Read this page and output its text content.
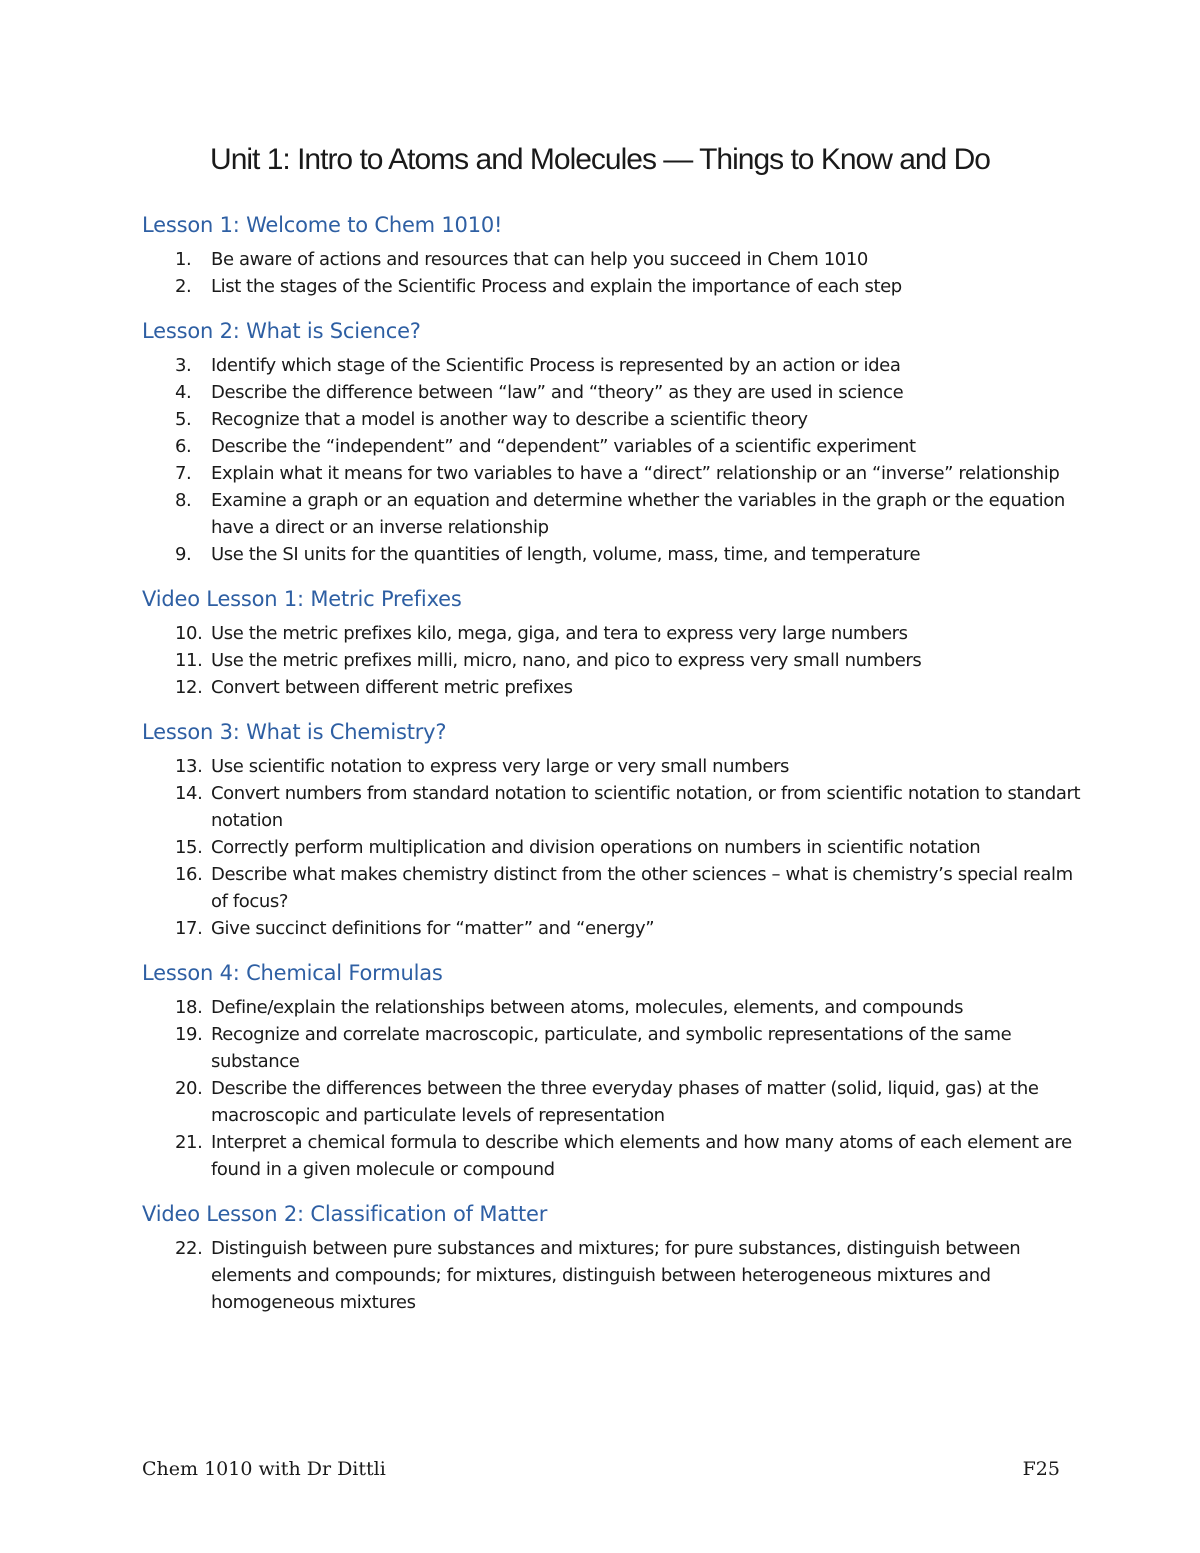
Unit 1: Intro to Atoms and Molecules — Things to Know and Do
Lesson 1: Welcome to Chem 1010!
1. Be aware of actions and resources that can help you succeed in Chem 1010
2. List the stages of the Scientific Process and explain the importance of each step
Lesson 2: What is Science?
3. Identify which stage of the Scientific Process is represented by an action or idea
4. Describe the difference between “law” and “theory” as they are used in science
5. Recognize that a model is another way to describe a scientific theory
6. Describe the “independent” and “dependent” variables of a scientific experiment
7. Explain what it means for two variables to have a “direct” relationship or an “inverse” relationship
8. Examine a graph or an equation and determine whether the variables in the graph or the equation have a direct or an inverse relationship
9. Use the SI units for the quantities of length, volume, mass, time, and temperature
Video Lesson 1: Metric Prefixes
10. Use the metric prefixes kilo, mega, giga, and tera to express very large numbers
11. Use the metric prefixes milli, micro, nano, and pico to express very small numbers
12. Convert between different metric prefixes
Lesson 3: What is Chemistry?
13. Use scientific notation to express very large or very small numbers
14. Convert numbers from standard notation to scientific notation, or from scientific notation to standart notation
15. Correctly perform multiplication and division operations on numbers in scientific notation
16. Describe what makes chemistry distinct from the other sciences – what is chemistry’s special realm of focus?
17. Give succinct definitions for “matter” and “energy”
Lesson 4: Chemical Formulas
18. Define/explain the relationships between atoms, molecules, elements, and compounds
19. Recognize and correlate macroscopic, particulate, and symbolic representations of the same substance
20. Describe the differences between the three everyday phases of matter (solid, liquid, gas) at the macroscopic and particulate levels of representation
21. Interpret a chemical formula to describe which elements and how many atoms of each element are found in a given molecule or compound
Video Lesson 2: Classification of Matter
22. Distinguish between pure substances and mixtures; for pure substances, distinguish between elements and compounds; for mixtures, distinguish between heterogeneous mixtures and homogeneous mixtures
Chem 1010 with Dr Dittli	F25
